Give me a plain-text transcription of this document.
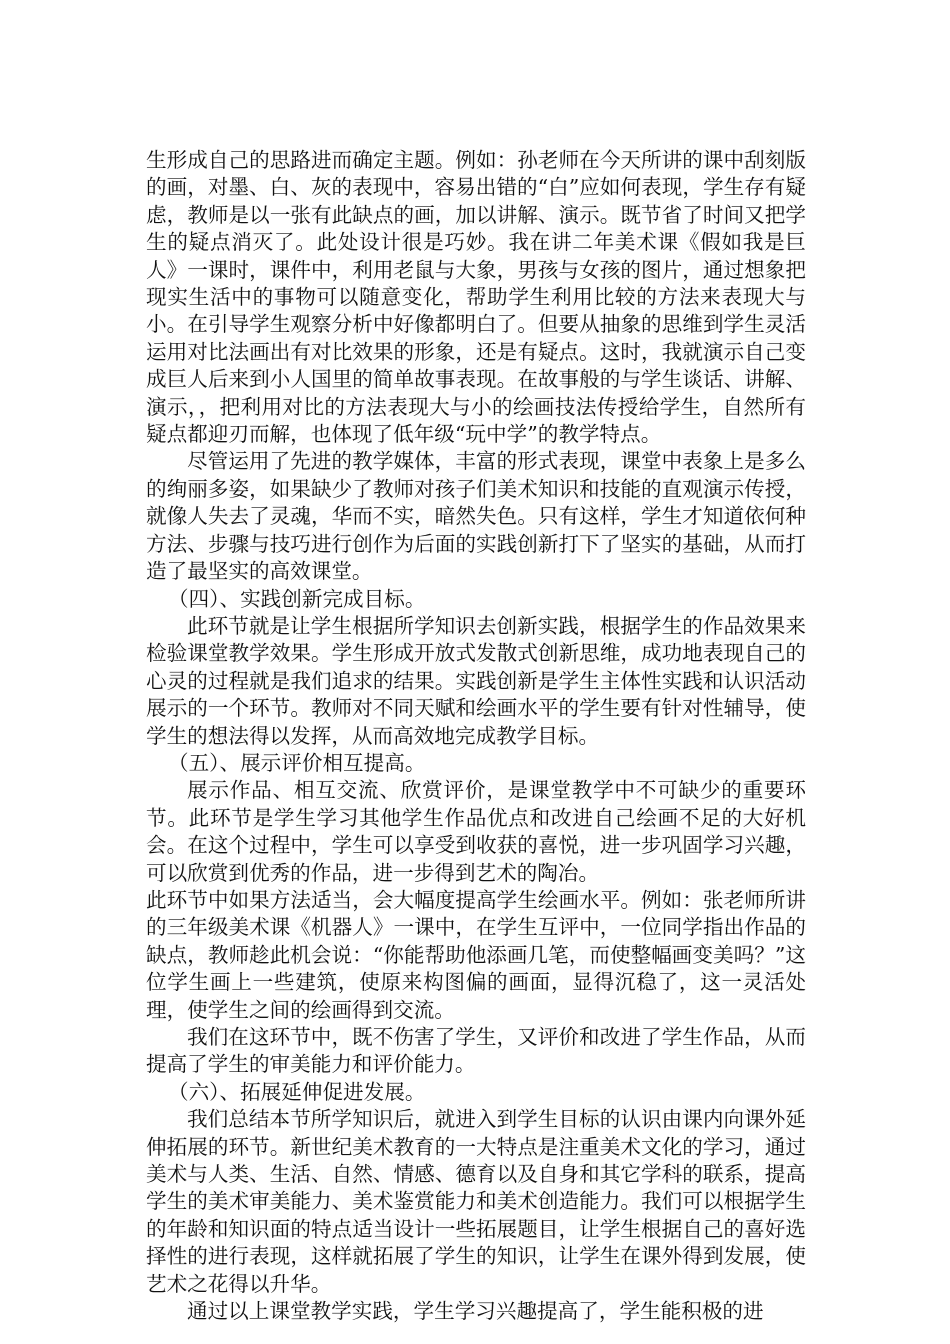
生形成自己的思路进而确定主题。例如：孙老师在今天所讲的课中刮刻版的画，对墨、白、灰的表现中，容易出错的“白”应如何表现，学生存有疑虑，教师是以一张有此缺点的画，加以讲解、演示。既节省了时间又把学生的疑点消灭了。此处设计很是巧妙。我在讲二年美术课《假如我是巨人》一课时，课件中，利用老鼠与大象，男孩与女孩的图片，通过想象把现实生活中的事物可以随意变化，帮助学生利用比较的方法来表现大与小。在引导学生观察分析中好像都明白了。但要从抽象的思维到学生灵活运用对比法画出有对比效果的形象，还是有疑点。这时，我就演示自己变成巨人后来到小人国里的简单故事表现。在故事般的与学生谈话、讲解、演示，，把利用对比的方法表现大与小的绘画技法传授给学生，自然所有疑点都迎刃而解，也体现了低年级“玩中学”的教学特点。

尽管运用了先进的教学媒体，丰富的形式表现，课堂中表象上是多么的绚丽多姿，如果缺少了教师对孩子们美术知识和技能的直观演示传授，就像人失去了灵魂，华而不实，暗然失色。只有这样，学生才知道依何种方法、步骤与技巧进行创作为后面的实践创新打下了坚实的基础，从而打造了最坚实的高效课堂。

（四）、实践创新完成目标。

此环节就是让学生根据所学知识去创新实践，根据学生的作品效果来检验课堂教学效果。学生形成开放式发散式创新思维，成功地表现自己的心灵的过程就是我们追求的结果。实践创新是学生主体性实践和认识活动展示的一个环节。教师对不同天赋和绘画水平的学生要有针对性辅导，使学生的想法得以发挥，从而高效地完成教学目标。

（五）、展示评价相互提高。

展示作品、相互交流、欣赏评价，是课堂教学中不可缺少的重要环节。此环节是学生学习其他学生作品优点和改进自己绘画不足的大好机会。在这个过程中，学生可以享受到收获的喜悦，进一步巩固学习兴趣，可以欣赏到优秀的作品，进一步得到艺术的陶冶。

此环节中如果方法适当，会大幅度提高学生绘画水平。例如：张老师所讲的三年级美术课《机器人》一课中，在学生互评中，一位同学指出作品的缺点，教师趁此机会说：“你能帮助他添画几笔，而使整幅画变美吗？”这位学生画上一些建筑，使原来构图偏的画面，显得沉稳了，这一灵活处理，使学生之间的绘画得到交流。

我们在这环节中，既不伤害了学生，又评价和改进了学生作品，从而提高了学生的审美能力和评价能力。

（六）、拓展延伸促进发展。

我们总结本节所学知识后，就进入到学生目标的认识由课内向课外延伸拓展的环节。新世纪美术教育的一大特点是注重美术文化的学习，通过美术与人类、生活、自然、情感、德育以及自身和其它学科的联系，提高学生的美术审美能力、美术鉴赏能力和美术创造能力。我们可以根据学生的年龄和知识面的特点适当设计一些拓展题目，让学生根据自己的喜好选择性的进行表现，这样就拓展了学生的知识，让学生在课外得到发展，使艺术之花得以升华。

通过以上课堂教学实践，学生学习兴趣提高了，学生能积极的进
